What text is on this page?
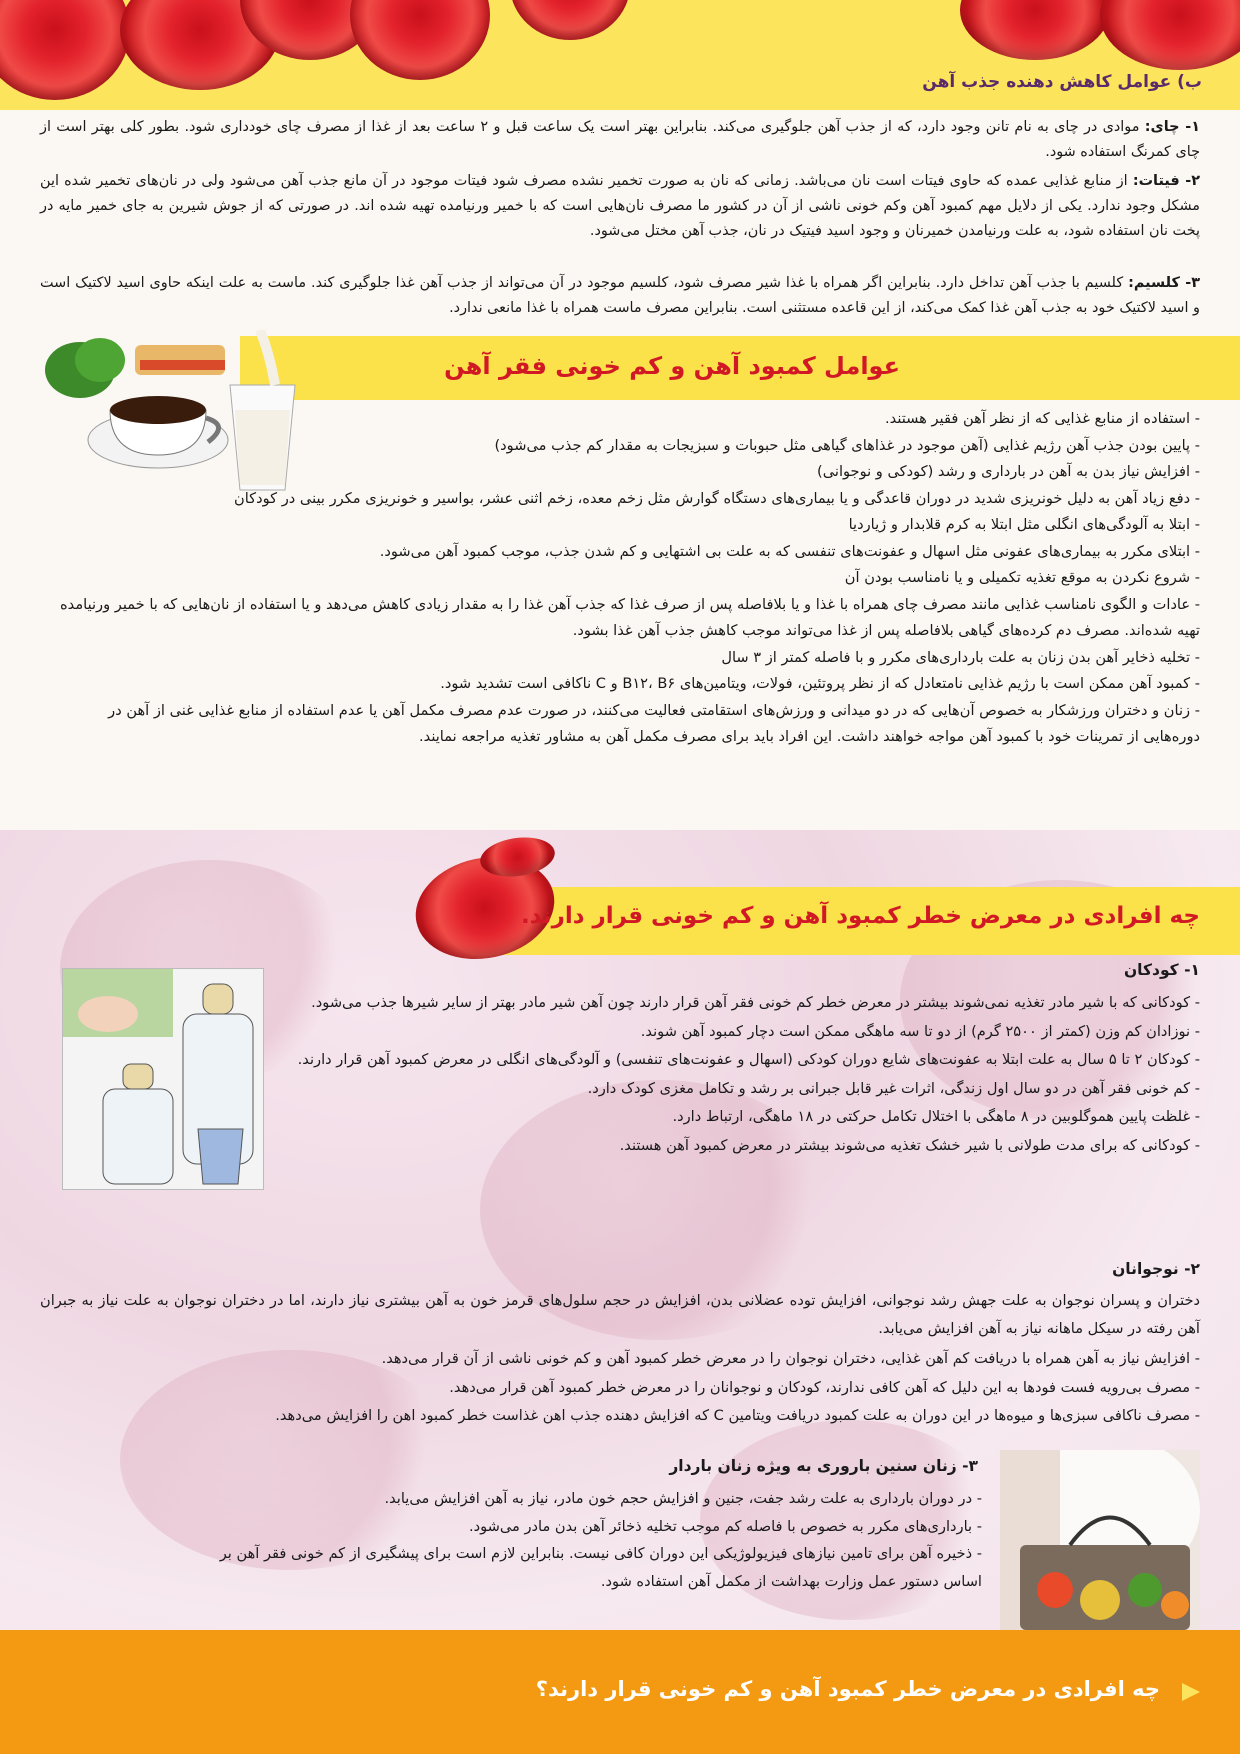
ب) عوامل کاهش دهنده جذب آهن
۱- چای: موادی در چای به نام تانن وجود دارد، که از جذب آهن جلوگیری می‌کند. بنابراین بهتر است یک ساعت قبل و ۲ ساعت بعد از غذا از مصرف چای خودداری شود. بطور کلی بهتر است از چای کمرنگ استفاده شود.
۲- فیتات: از منابع غذایی عمده که حاوی فیتات است نان می‌باشد. زمانی که نان به صورت تخمیر نشده مصرف شود فیتات موجود در آن مانع جذب آهن می‌شود ولی در نان‌های تخمیر شده این مشکل وجود ندارد. یکی از دلایل مهم کمبود آهن وکم خونی ناشی از آن در کشور ما مصرف نان‌هایی است که با خمیر ورنیامده تهیه شده اند. در صورتی که از جوش شیرین به جای خمیر مایه در پخت نان استفاده شود، به علت ورنیامدن خمیرنان و وجود اسید فیتیک در نان، جذب آهن مختل می‌شود.
۳- کلسیم: کلسیم با جذب آهن تداخل دارد. بنابراین اگر همراه با غذا شیر مصرف شود، کلسیم موجود در آن می‌تواند از جذب آهن غذا جلوگیری کند. ماست به علت اینکه حاوی اسید لاکتیک است و اسید لاکتیک خود به جذب آهن غذا کمک می‌کند، از این قاعده مستثنی است. بنابراین مصرف ماست همراه با غذا مانعی ندارد.
عوامل کمبود آهن و کم خونی فقر آهن
- استفاده از منابع غذایی که از نظر آهن فقیر هستند.
- پایین بودن جذب آهن رژیم غذایی (آهن موجود در غذاهای گیاهی مثل حبوبات و سبزیجات به مقدار کم جذب می‌شود)
- افزایش نیاز بدن به آهن در بارداری و رشد (کودکی و نوجوانی)
- دفع زیاد آهن به دلیل خونریزی شدید در دوران قاعدگی و یا بیماری‌های دستگاه گوارش مثل زخم معده، زخم اثنی عشر، بواسیر و خونریزی مکرر بینی در کودکان
- ابتلا به آلودگی‌های انگلی مثل ابتلا به کرم قلابدار و ژیاردیا
- ابتلای مکرر به بیماری‌های عفونی مثل اسهال و عفونت‌های تنفسی که به علت بی اشتهایی و کم شدن جذب، موجب کمبود آهن می‌شود.
- شروع نکردن به موقع تغذیه تکمیلی و یا نامناسب بودن آن
- عادات و الگوی نامناسب غذایی مانند مصرف چای همراه با غذا و یا بلافاصله پس از صرف غذا که جذب آهن غذا را به مقدار زیادی کاهش می‌دهد و یا استفاده از نان‌هایی که با خمیر ورنیامده تهیه شده‌اند. مصرف دم کرده‌های گیاهی بلافاصله پس از غذا می‌تواند موجب کاهش جذب آهن غذا بشود.
- تخلیه ذخایر آهن بدن زنان به علت بارداری‌های مکرر و با فاصله کمتر از ۳ سال
- کمبود آهن ممکن است با رژیم غذایی نامتعادل که از نظر پروتئین، فولات، ویتامین‌های B۱۲، B۶ و C ناکافی است تشدید شود.
- زنان و دختران ورزشکار به خصوص آن‌هایی که در دو میدانی و ورزش‌های استقامتی فعالیت می‌کنند، در صورت عدم مصرف مکمل آهن یا عدم استفاده از منابع غذایی غنی از آهن در دوره‌هایی از تمرینات خود با کمبود آهن مواجه خواهند داشت. این افراد باید برای مصرف مکمل آهن به مشاور تغذیه مراجعه نمایند.
چه افرادی در معرض خطر کمبود آهن و کم خونی قرار دارند.
۱- کودکان
- کودکانی که با شیر مادر تغذیه نمی‌شوند بیشتر در معرض خطر کم خونی فقر آهن قرار دارند چون آهن شیر مادر بهتر از سایر شیرها جذب می‌شود.
- نوزادان کم وزن (کمتر از ۲۵۰۰ گرم) از دو تا سه ماهگی ممکن است دچار کمبود آهن شوند.
- کودکان ۲ تا ۵ سال به علت ابتلا به عفونت‌های شایع دوران کودکی (اسهال و عفونت‌های تنفسی) و آلودگی‌های انگلی در معرض کمبود آهن قرار دارند.
- کم خونی فقر آهن در دو سال اول زندگی، اثرات غیر قابل جبرانی بر رشد و تکامل مغزی کودک دارد.
- غلظت پایین هموگلوبین در ۸ ماهگی با اختلال تکامل حرکتی در ۱۸ ماهگی، ارتباط دارد.
- کودکانی که برای مدت طولانی با شیر خشک تغذیه می‌شوند بیشتر در معرض کمبود آهن هستند.
۲- نوجوانان
دختران و پسران نوجوان به علت جهش رشد نوجوانی، افزایش توده عضلانی بدن، افزایش در حجم سلول‌های قرمز خون به آهن بیشتری نیاز دارند، اما در دختران نوجوان به علت نیاز به جبران آهن رفته در سیکل ماهانه نیاز به آهن افزایش می‌یابد.
- افزایش نیاز به آهن همراه با دریافت کم آهن غذایی، دختران نوجوان را در معرض خطر کمبود آهن و کم خونی ناشی از آن قرار می‌دهد.
- مصرف بی‌رویه فست فودها به این دلیل که آهن کافی ندارند، کودکان و نوجوانان را در معرض خطر کمبود آهن قرار می‌دهد.
- مصرف ناکافی سبزی‌ها و میوه‌ها در این دوران به علت کمبود دریافت ویتامین C که افزایش دهنده جذب اهن غذاست خطر کمبود اهن را افزایش می‌دهد.
۳- زنان سنین باروری به ویژه زنان باردار
- در دوران بارداری به علت رشد جفت، جنین و افزایش حجم خون مادر، نیاز به آهن افزایش می‌یابد.
- بارداری‌های مکرر به خصوص با فاصله کم موجب تخلیه ذخائر آهن بدن مادر می‌شود.
- ذخیره آهن برای تامین نیازهای فیزیولوژیکی این دوران کافی نیست. بنابراین لازم است برای پیشگیری از کم خونی فقر آهن بر اساس دستور عمل وزارت بهداشت از مکمل آهن استفاده شود.
چه افرادی در معرض خطر کمبود آهن و کم خونی قرار دارند؟
